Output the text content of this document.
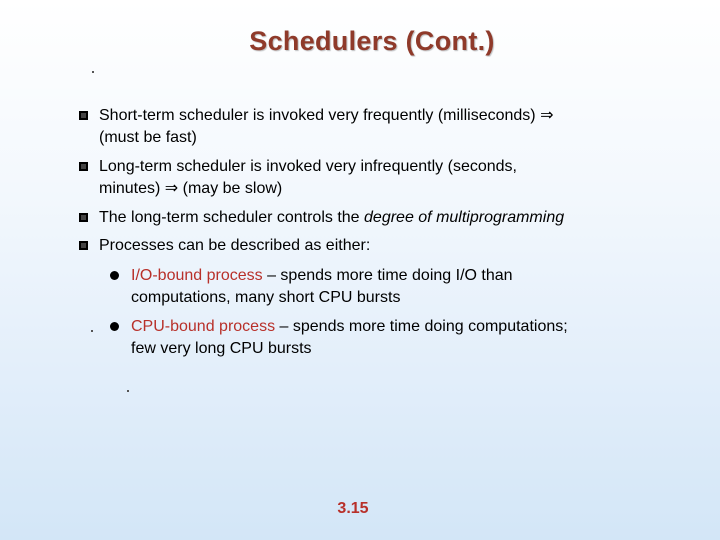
Schedulers (Cont.)
Short-term scheduler is invoked very frequently (milliseconds) ⇒
(must be fast)
Long-term scheduler is invoked very infrequently (seconds,
minutes) ⇒ (may be slow)
The long-term scheduler controls the degree of multiprogramming
Processes can be described as either:
I/O-bound process – spends more time doing I/O than
computations, many short CPU bursts
CPU-bound process – spends more time doing computations;
few very long CPU bursts
3.15
